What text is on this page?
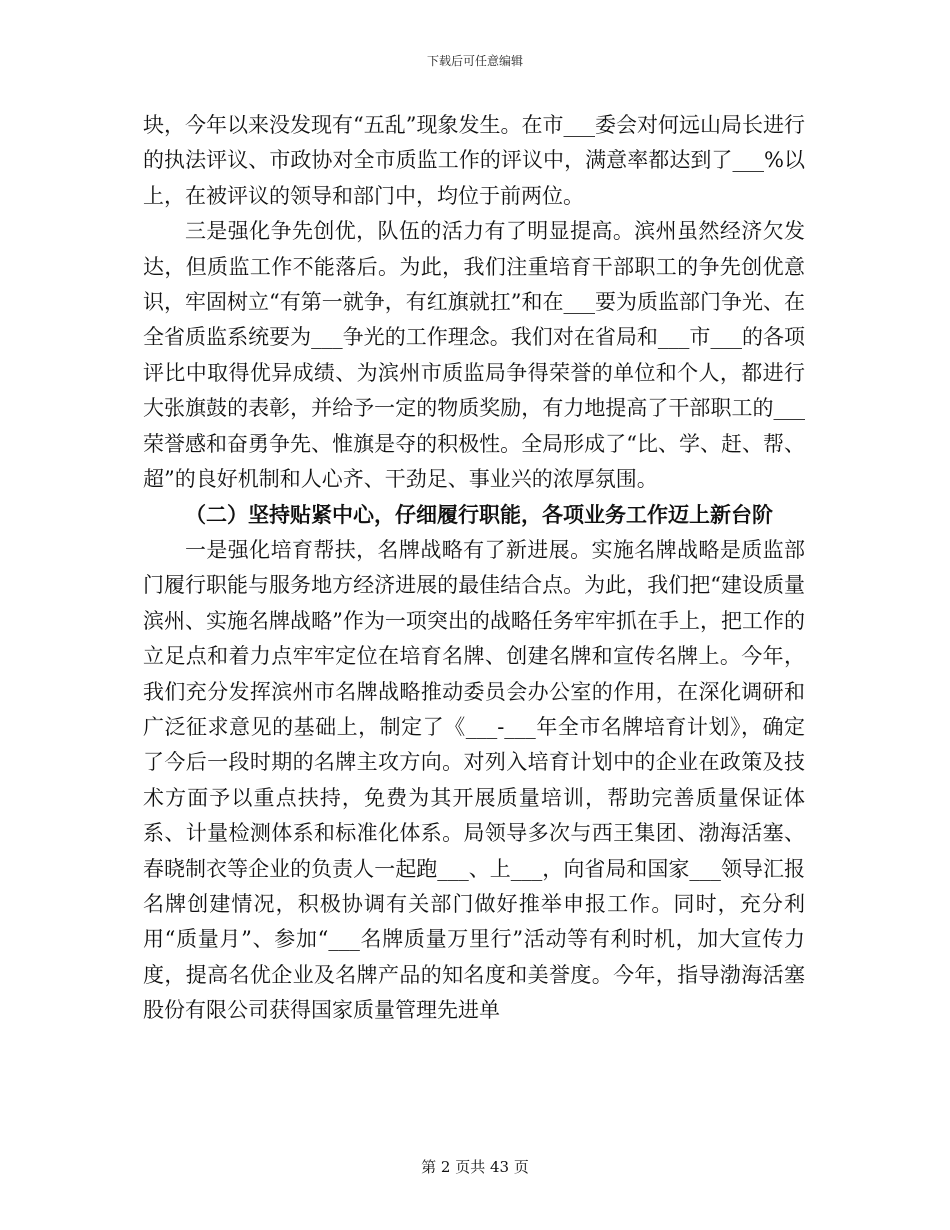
下载后可任意编辑

块，今年以来没发现有“五乱”现象发生。在市___委会对何远山局长进行的执法评议、市政协对全市质监工作的评议中，满意率都达到了___%以上，在被评议的领导和部门中，均位于前两位。

三是强化争先创优，队伍的活力有了明显提高。滨州虽然经济欠发达，但质监工作不能落后。为此，我们注重培育干部职工的争先创优意识，牢固树立“有第一就争，有红旗就扛”和在___要为质监部门争光、在全省质监系统要为___争光的工作理念。我们对在省局和___市___的各项评比中取得优异成绩、为滨州市质监局争得荣誉的单位和个人，都进行大张旗鼓的表彰，并给予一定的物质奖励，有力地提高了干部职工的___荣誉感和奋勇争先、惟旗是夺的积极性。全局形成了“比、学、赶、帮、超”的良好机制和人心齐、干劲足、事业兴的浓厚氛围。

（二）坚持贴紧中心，仔细履行职能，各项业务工作迈上新台阶

一是强化培育帮扶，名牌战略有了新进展。实施名牌战略是质监部门履行职能与服务地方经济进展的最佳结合点。为此，我们把“建设质量滨州、实施名牌战略”作为一项突出的战略任务牢牢抓在手上，把工作的立足点和着力点牢牢定位在培育名牌、创建名牌和宣传名牌上。今年，我们充分发挥滨州市名牌战略推动委员会办公室的作用，在深化调研和广泛征求意见的基础上，制定了《___-___年全市名牌培育计划》，确定了今后一段时期的名牌主攻方向。对列入培育计划中的企业在政策及技术方面予以重点扶持，免费为其开展质量培训，帮助完善质量保证体系、计量检测体系和标准化体系。局领导多次与西王集团、渤海活塞、春晓制衣等企业的负责人一起跑___、上___，向省局和国家___领导汇报名牌创建情况，积极协调有关部门做好推举申报工作。同时，充分利用“质量月”、参加“___名牌质量万里行”活动等有利时机，加大宣传力度，提高名优企业及名牌产品的知名度和美誉度。今年，指导渤海活塞股份有限公司获得国家质量管理先进单

第 2 页共 43 页
